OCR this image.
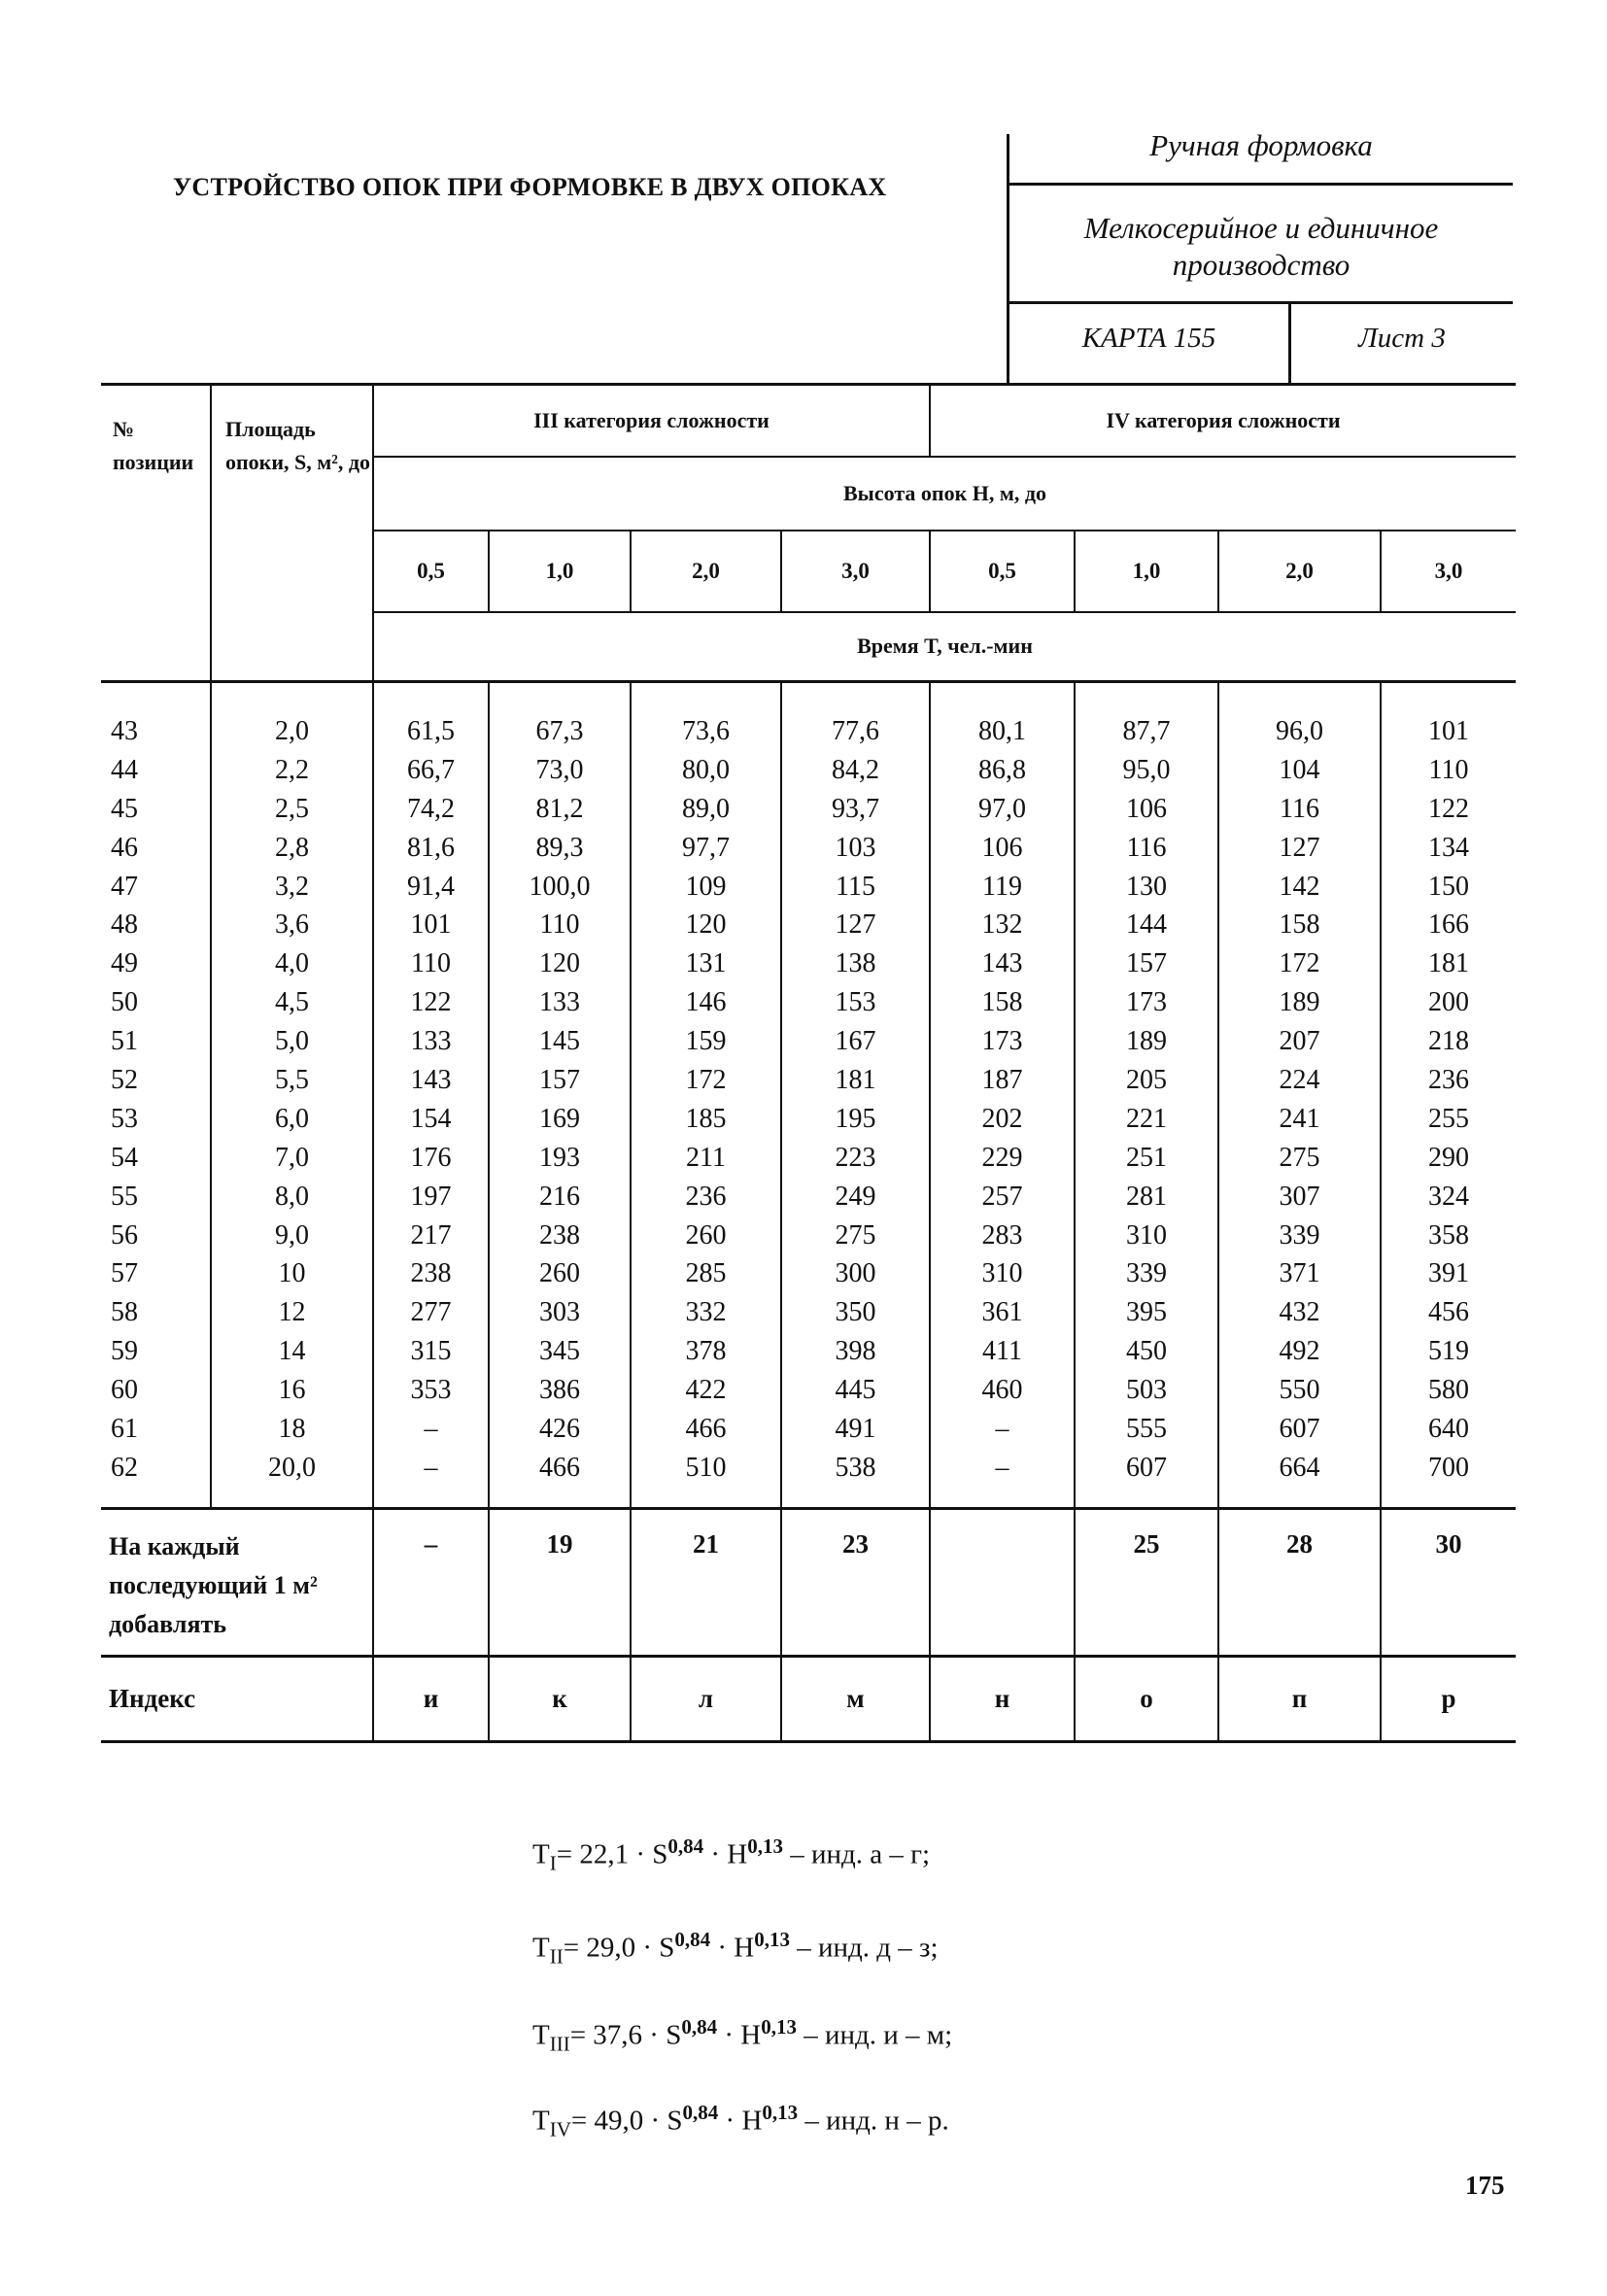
УСТРОЙСТВО ОПОК ПРИ ФОРМОВКЕ В ДВУХ ОПОКАХ
Ручная формовка
Мелкосерийное и единичное
производство
КАРТА 155	Лист 3
№ позиции	Площадь опоки, S, м², до	III категория сложности				IV категория сложности			
		Высота опок H, м, до							
		0,5	1,0	2,0	3,0	0,5	1,0	2,0	3,0
		Время T, чел.-мин							
43	2,0	61,5	67,3	73,6	77,6	80,1	87,7	96,0	101
44	2,2	66,7	73,0	80,0	84,2	86,8	95,0	104	110
45	2,5	74,2	81,2	89,0	93,7	97,0	106	116	122
46	2,8	81,6	89,3	97,7	103	106	116	127	134
47	3,2	91,4	100,0	109	115	119	130	142	150
48	3,6	101	110	120	127	132	144	158	166
49	4,0	110	120	131	138	143	157	172	181
50	4,5	122	133	146	153	158	173	189	200
51	5,0	133	145	159	167	173	189	207	218
52	5,5	143	157	172	181	187	205	224	236
53	6,0	154	169	185	195	202	221	241	255
54	7,0	176	193	211	223	229	251	275	290
55	8,0	197	216	236	249	257	281	307	324
56	9,0	217	238	260	275	283	310	339	358
57	10	238	260	285	300	310	339	371	391
58	12	277	303	332	350	361	395	432	456
59	14	315	345	378	398	411	450	492	519
60	16	353	386	422	445	460	503	550	580
61	18	–	426	466	491	–	555	607	640
62	20,0	–	466	510	538	–	607	664	700
На каждый последующий 1 м² добавлять		–	19	21	23		25	28	30
Индекс		и	к	л	м	н	о	п	р
$T_I= 22,1 \cdot S^{0,84} \cdot H^{0,13}$ – инд. а – г;
$T_{II}= 29,0 \cdot S^{0,84} \cdot H^{0,13}$ – инд. д – з;
$T_{III}= 37,6 \cdot S^{0,84} \cdot H^{0,13}$ – инд. и – м;
$T_{IV}= 49,0 \cdot S^{0,84} \cdot H^{0,13}$ – инд. н – р.
175
